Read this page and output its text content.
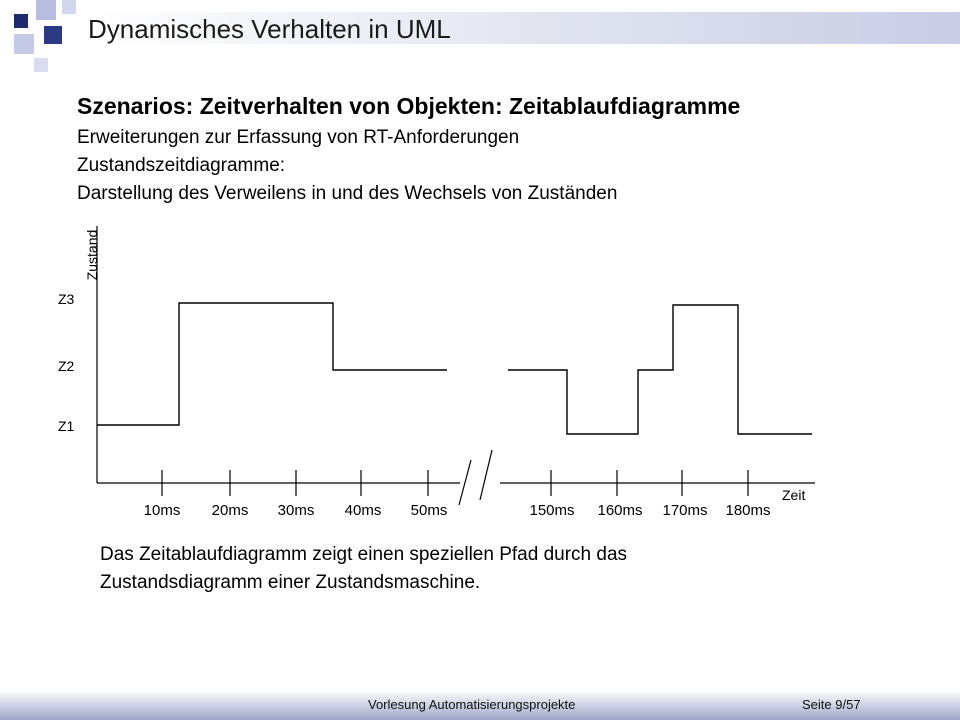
Dynamisches Verhalten in UML
Szenarios: Zeitverhalten von Objekten: Zeitablaufdiagramme
Erweiterungen zur Erfassung von RT-Anforderungen
Zustandszeitdiagramme:
Darstellung des Verweilens in und des Wechsels von Zuständen
Zustand
Zeit
Z1
Z2
Z3
10ms 20ms 30ms 40ms 50ms	150ms 160ms 170ms 180ms
Das Zeitablaufdiagramm zeigt einen speziellen Pfad durch das
Zustandsdiagramm einer Zustandsmaschine.
Vorlesung Automatisierungsprojekte	Seite 9/57
